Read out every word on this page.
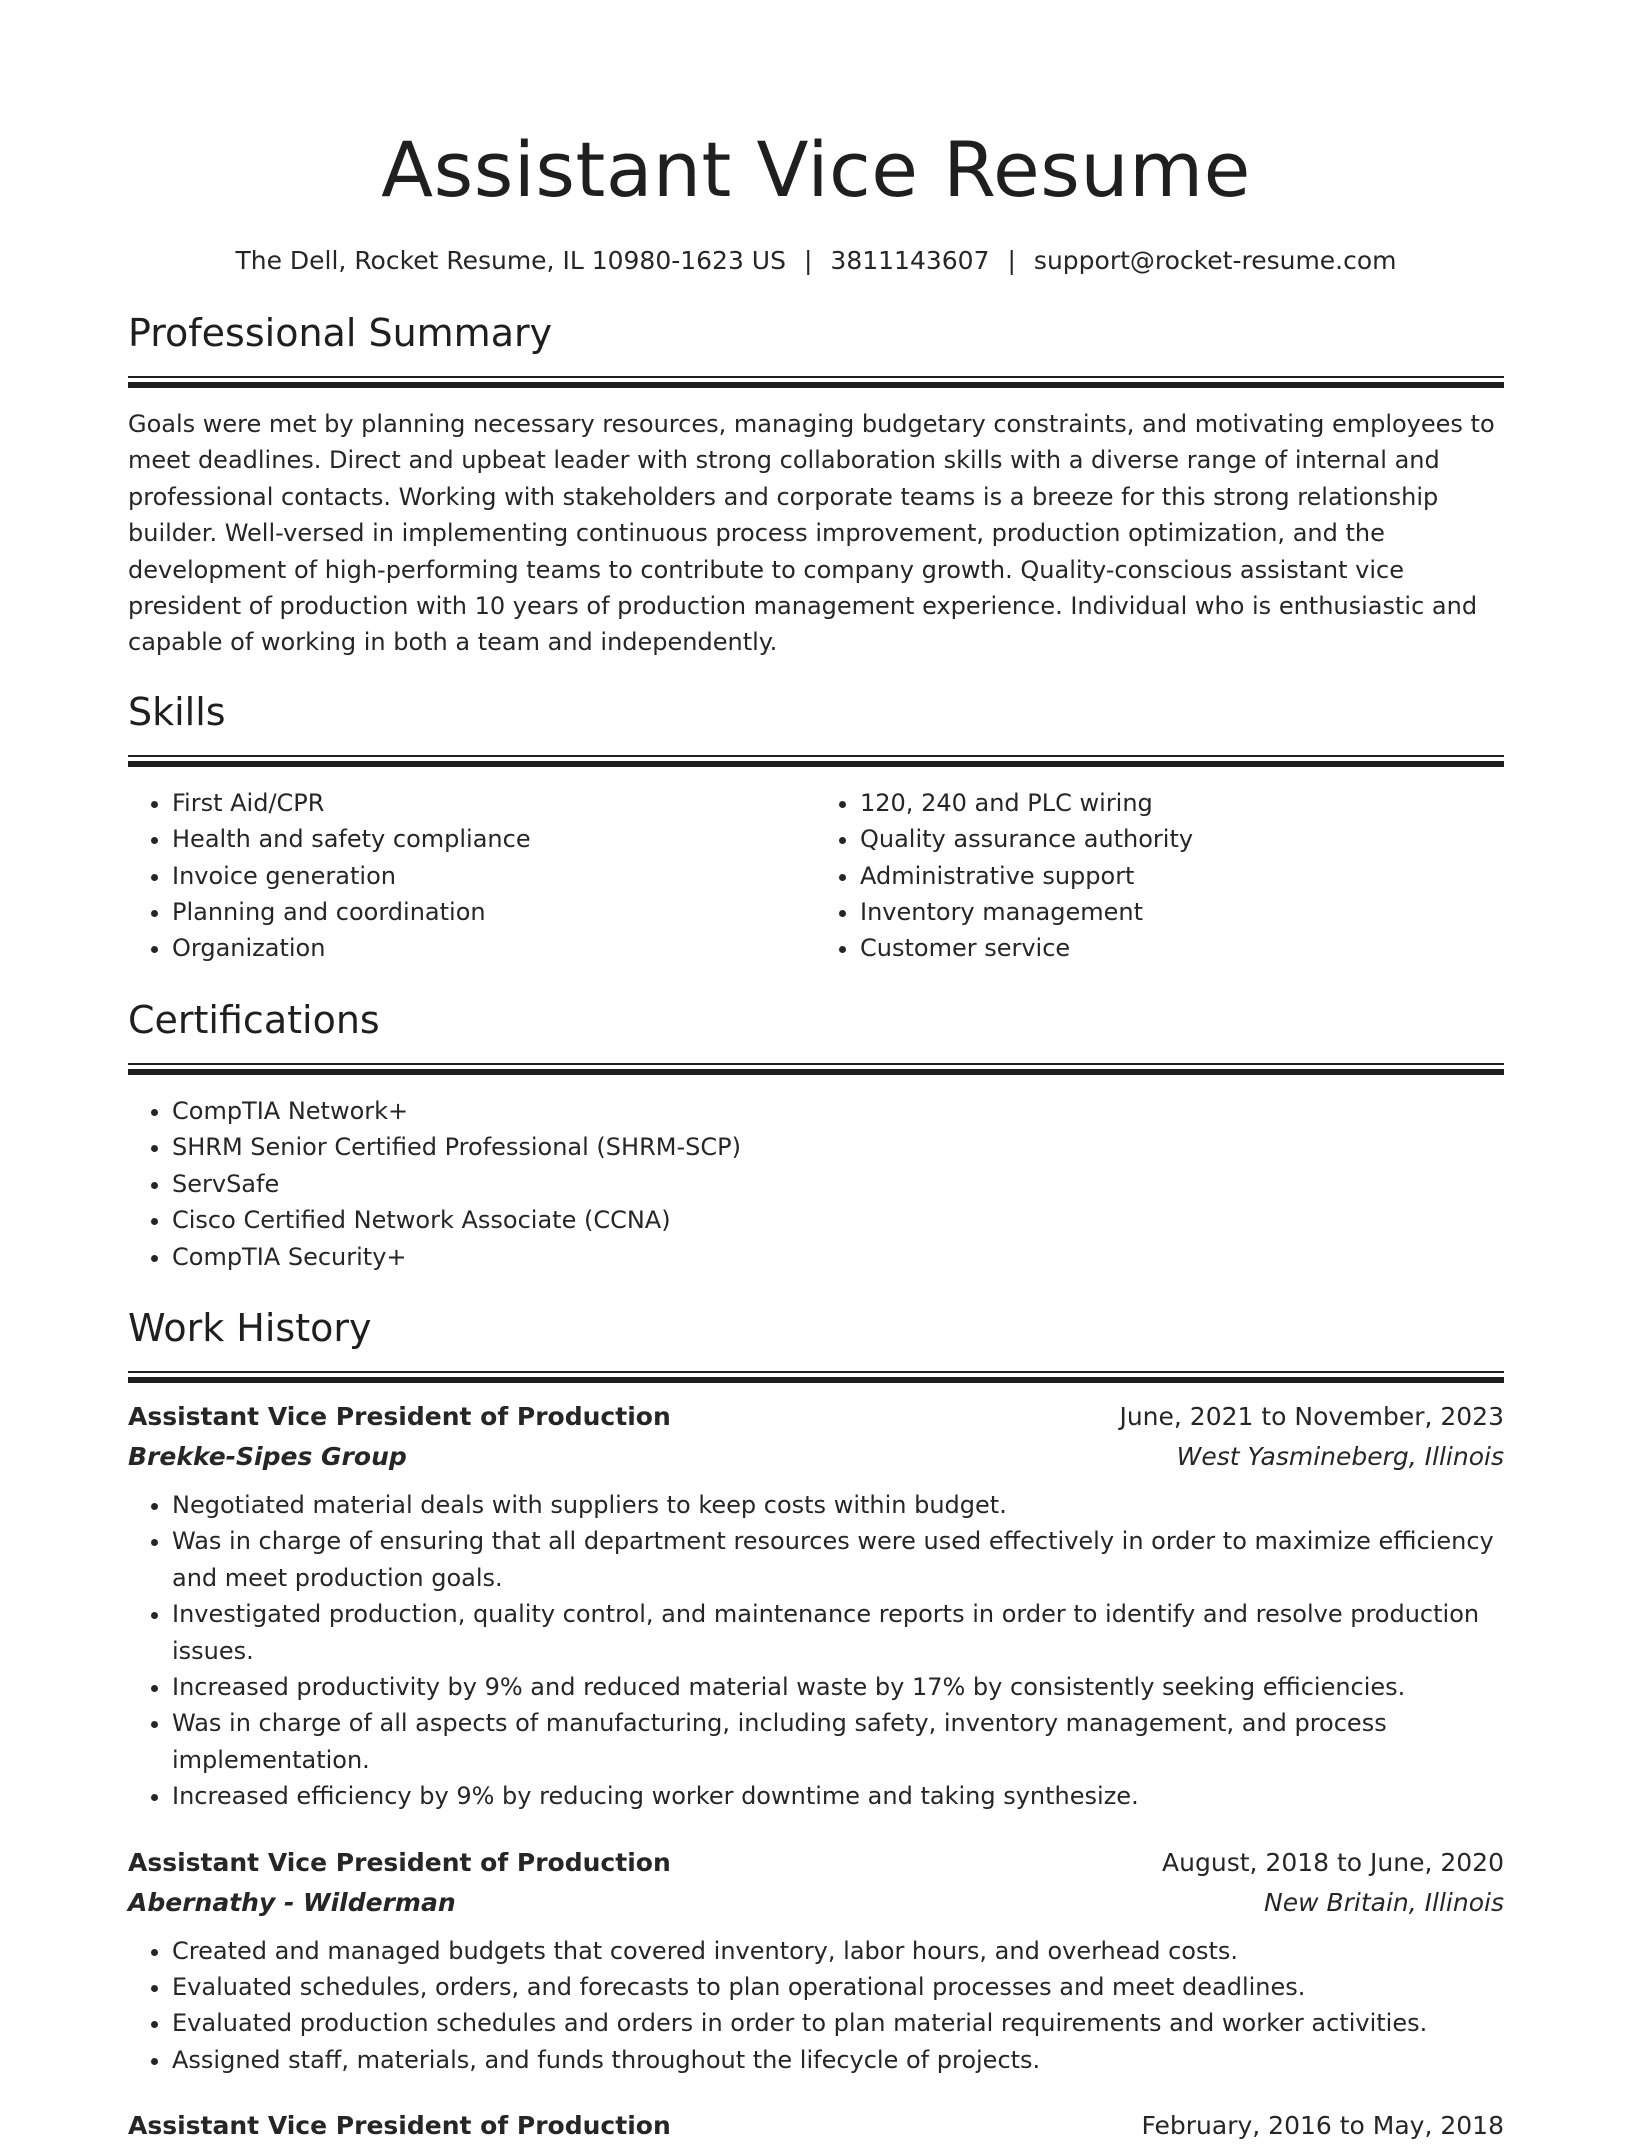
Assistant Vice Resume
The Dell, Rocket Resume, IL 10980-1623 US | 3811143607 | support@rocket-resume.com
Professional Summary

Goals were met by planning necessary resources, managing budgetary constraints, and motivating employees to meet deadlines. Direct and upbeat leader with strong collaboration skills with a diverse range of internal and professional contacts. Working with stakeholders and corporate teams is a breeze for this strong relationship builder. Well-versed in implementing continuous process improvement, production optimization, and the development of high-performing teams to contribute to company growth. Quality-conscious assistant vice president of production with 10 years of production management experience. Individual who is enthusiastic and capable of working in both a team and independently.

Skills
• First Aid/CPR
• Health and safety compliance
• Invoice generation
• Planning and coordination
• Organization
• 120, 240 and PLC wiring
• Quality assurance authority
• Administrative support
• Inventory management
• Customer service
Certifications
• CompTIA Network+
• SHRM Senior Certified Professional (SHRM-SCP)
• ServSafe
• Cisco Certified Network Associate (CCNA)
• CompTIA Security+
Work History
Assistant Vice President of Production	June, 2021 to November, 2023
Brekke-Sipes Group	West Yasmineberg, Illinois
• Negotiated material deals with suppliers to keep costs within budget.
• Was in charge of ensuring that all department resources were used effectively in order to maximize efficiency and meet production goals.
• Investigated production, quality control, and maintenance reports in order to identify and resolve production issues.
• Increased productivity by 9% and reduced material waste by 17% by consistently seeking efficiencies.
• Was in charge of all aspects of manufacturing, including safety, inventory management, and process implementation.
• Increased efficiency by 9% by reducing worker downtime and taking synthesize.
Assistant Vice President of Production	August, 2018 to June, 2020
Abernathy - Wilderman	New Britain, Illinois
• Created and managed budgets that covered inventory, labor hours, and overhead costs.
• Evaluated schedules, orders, and forecasts to plan operational processes and meet deadlines.
• Evaluated production schedules and orders in order to plan material requirements and worker activities.
• Assigned staff, materials, and funds throughout the lifecycle of projects.
Assistant Vice President of Production	February, 2016 to May, 2018
